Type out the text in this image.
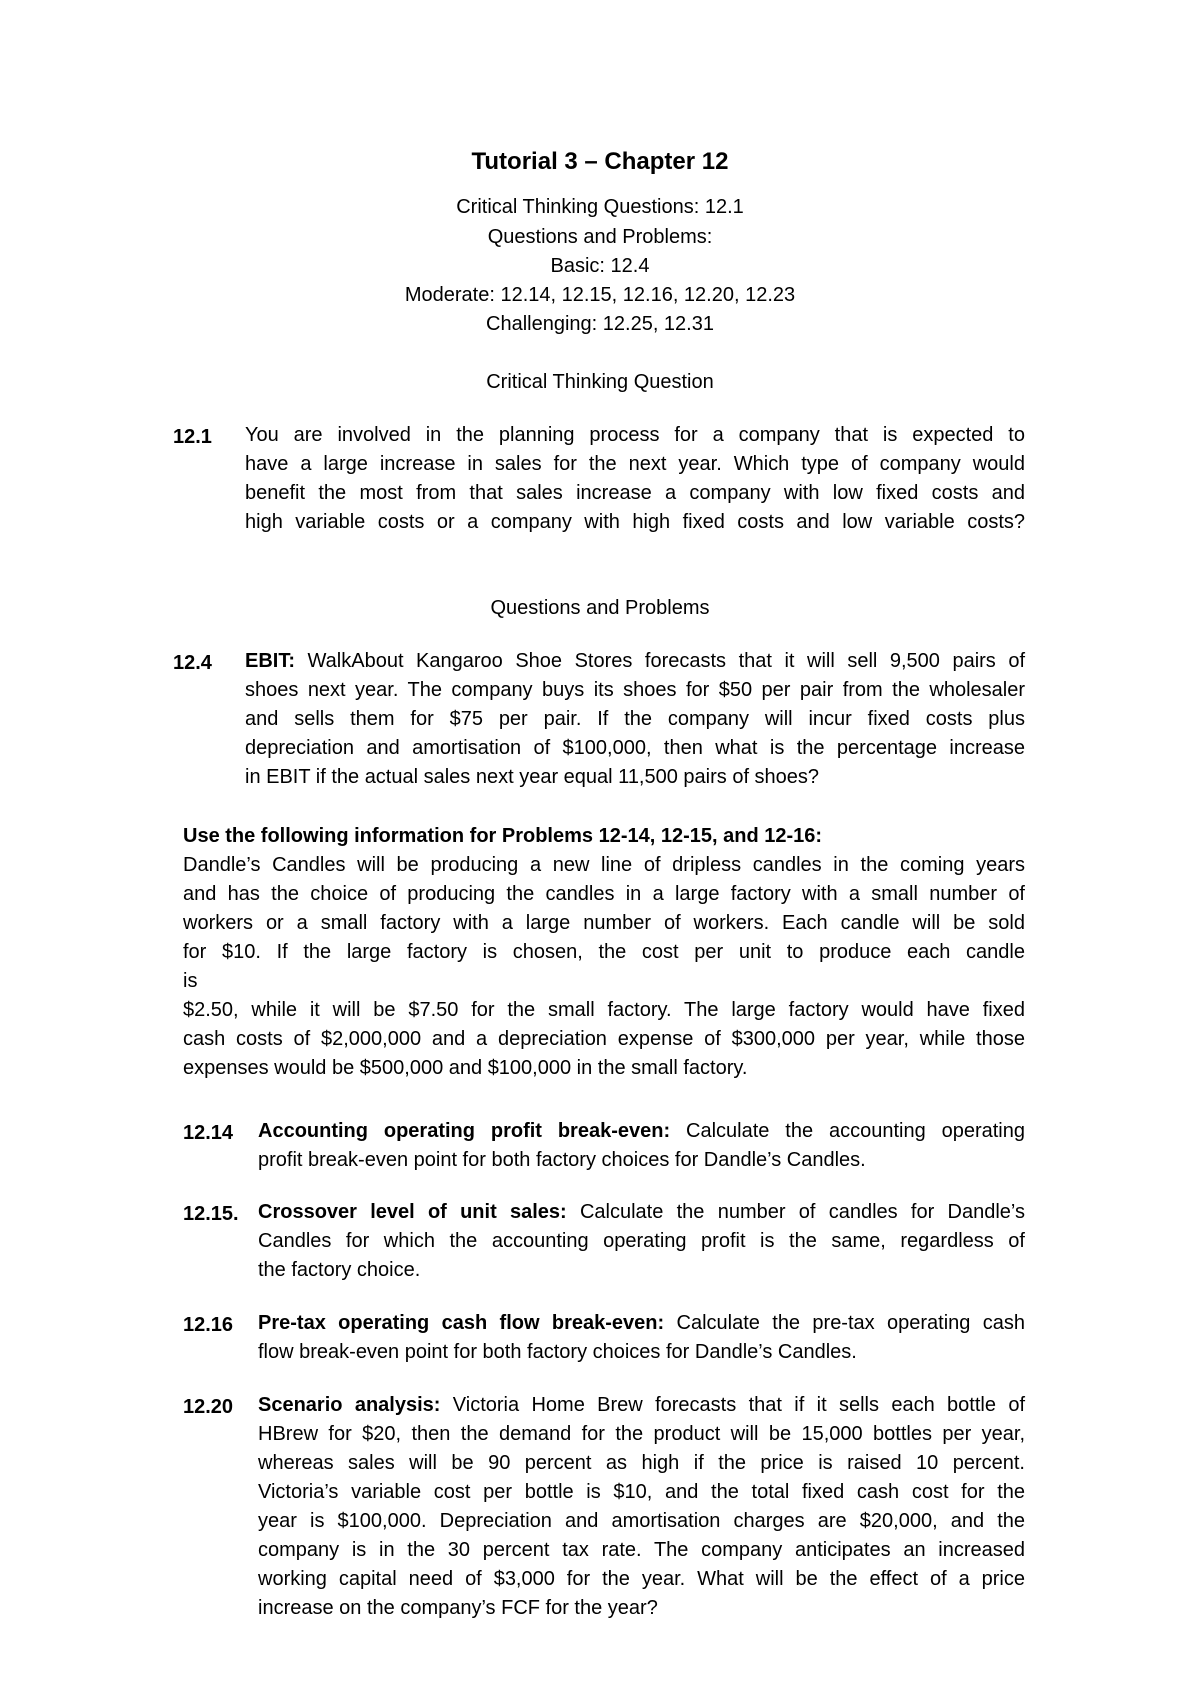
Tutorial 3 – Chapter 12
Critical Thinking Questions: 12.1
Questions and Problems:
Basic: 12.4
Moderate: 12.14, 12.15, 12.16, 12.20, 12.23
Challenging: 12.25, 12.31
Critical Thinking Question
12.1 You are involved in the planning process for a company that is expected to
have a large increase in sales for the next year. Which type of company would
benefit the most from that sales increase a company with low fixed costs and
high variable costs or a company with high fixed costs and low variable costs?
Questions and Problems
12.4 EBIT: WalkAbout Kangaroo Shoe Stores forecasts that it will sell 9,500 pairs of
shoes next year. The company buys its shoes for $50 per pair from the wholesaler
and sells them for $75 per pair. If the company will incur fixed costs plus
depreciation and amortisation of $100,000, then what is the percentage increase
in EBIT if the actual sales next year equal 11,500 pairs of shoes?
Use the following information for Problems 12-14, 12-15, and 12-16:
Dandle’s Candles will be producing a new line of dripless candles in the coming years
and has the choice of producing the candles in a large factory with a small number of
workers or a small factory with a large number of workers. Each candle will be sold
for $10. If the large factory is chosen, the cost per unit to produce each candle
is
$2.50, while it will be $7.50 for the small factory. The large factory would have fixed
cash costs of $2,000,000 and a depreciation expense of $300,000 per year, while those
expenses would be $500,000 and $100,000 in the small factory.
12.14 Accounting operating profit break-even: Calculate the accounting operating
profit break-even point for both factory choices for Dandle’s Candles.
12.15. Crossover level of unit sales: Calculate the number of candles for Dandle’s
Candles for which the accounting operating profit is the same, regardless of
the factory choice.
12.16 Pre-tax operating cash flow break-even: Calculate the pre-tax operating cash
flow break-even point for both factory choices for Dandle’s Candles.
12.20 Scenario analysis: Victoria Home Brew forecasts that if it sells each bottle of
HBrew for $20, then the demand for the product will be 15,000 bottles per year,
whereas sales will be 90 percent as high if the price is raised 10 percent.
Victoria’s variable cost per bottle is $10, and the total fixed cash cost for the
year is $100,000. Depreciation and amortisation charges are $20,000, and the
company is in the 30 percent tax rate. The company anticipates an increased
working capital need of $3,000 for the year. What will be the effect of a price
increase on the company’s FCF for the year?
